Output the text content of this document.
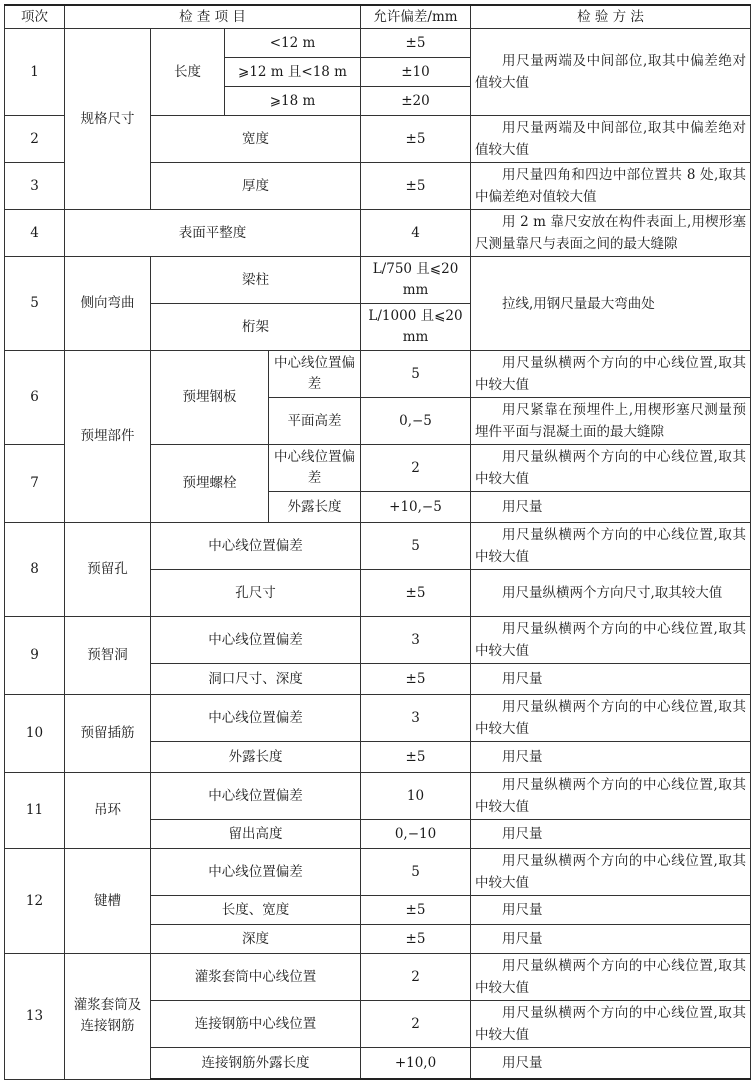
项次	检 查 项 目				允许偏差/mm	检 验 方 法
1	规格尺寸	长度	<12 m		±5	用尺量两端及中间部位,取其中偏差绝对值较大值
			⩾12 m 且<18 m		±10	
			⩾18 m		±20	
2		宽度			±5	用尺量两端及中间部位,取其中偏差绝对值较大值
3		厚度			±5	用尺量四角和四边中部位置共 8 处,取其中偏差绝对值较大值
4	表面平整度				4	用 2 m 靠尺安放在构件表面上,用楔形塞尺测量靠尺与表面之间的最大缝隙
5	侧向弯曲	梁柱			L/750 且⩽20 mm	拉线,用钢尺量最大弯曲处
		桁架			L/1000 且⩽20 mm	
6	预埋部件	预埋钢板		中心线位置偏差	5	用尺量纵横两个方向的中心线位置,取其中较大值
				平面高差	0,−5	用尺紧靠在预埋件上,用楔形塞尺测量预埋件平面与混凝土面的最大缝隙
7		预埋螺栓		中心线位置偏差	2	用尺量纵横两个方向的中心线位置,取其中较大值
				外露长度	+10,−5	用尺量
8	预留孔	中心线位置偏差			5	用尺量纵横两个方向的中心线位置,取其中较大值
		孔尺寸			±5	用尺量纵横两个方向尺寸,取其较大值
9	预智洞	中心线位置偏差			3	用尺量纵横两个方向的中心线位置,取其中较大值
		洞口尺寸、深度			±5	用尺量
10	预留插筋	中心线位置偏差			3	用尺量纵横两个方向的中心线位置,取其中较大值
		外露长度			±5	用尺量
11	吊环	中心线位置偏差			10	用尺量纵横两个方向的中心线位置,取其中较大值
		留出高度			0,−10	用尺量
12	键槽	中心线位置偏差			5	用尺量纵横两个方向的中心线位置,取其中较大值
		长度、宽度			±5	用尺量
		深度			±5	用尺量
13	灌浆套筒及连接钢筋	灌浆套筒中心线位置			2	用尺量纵横两个方向的中心线位置,取其中较大值
		连接钢筋中心线位置			2	用尺量纵横两个方向的中心线位置,取其中较大值
		连接钢筋外露长度			+10,0	用尺量
